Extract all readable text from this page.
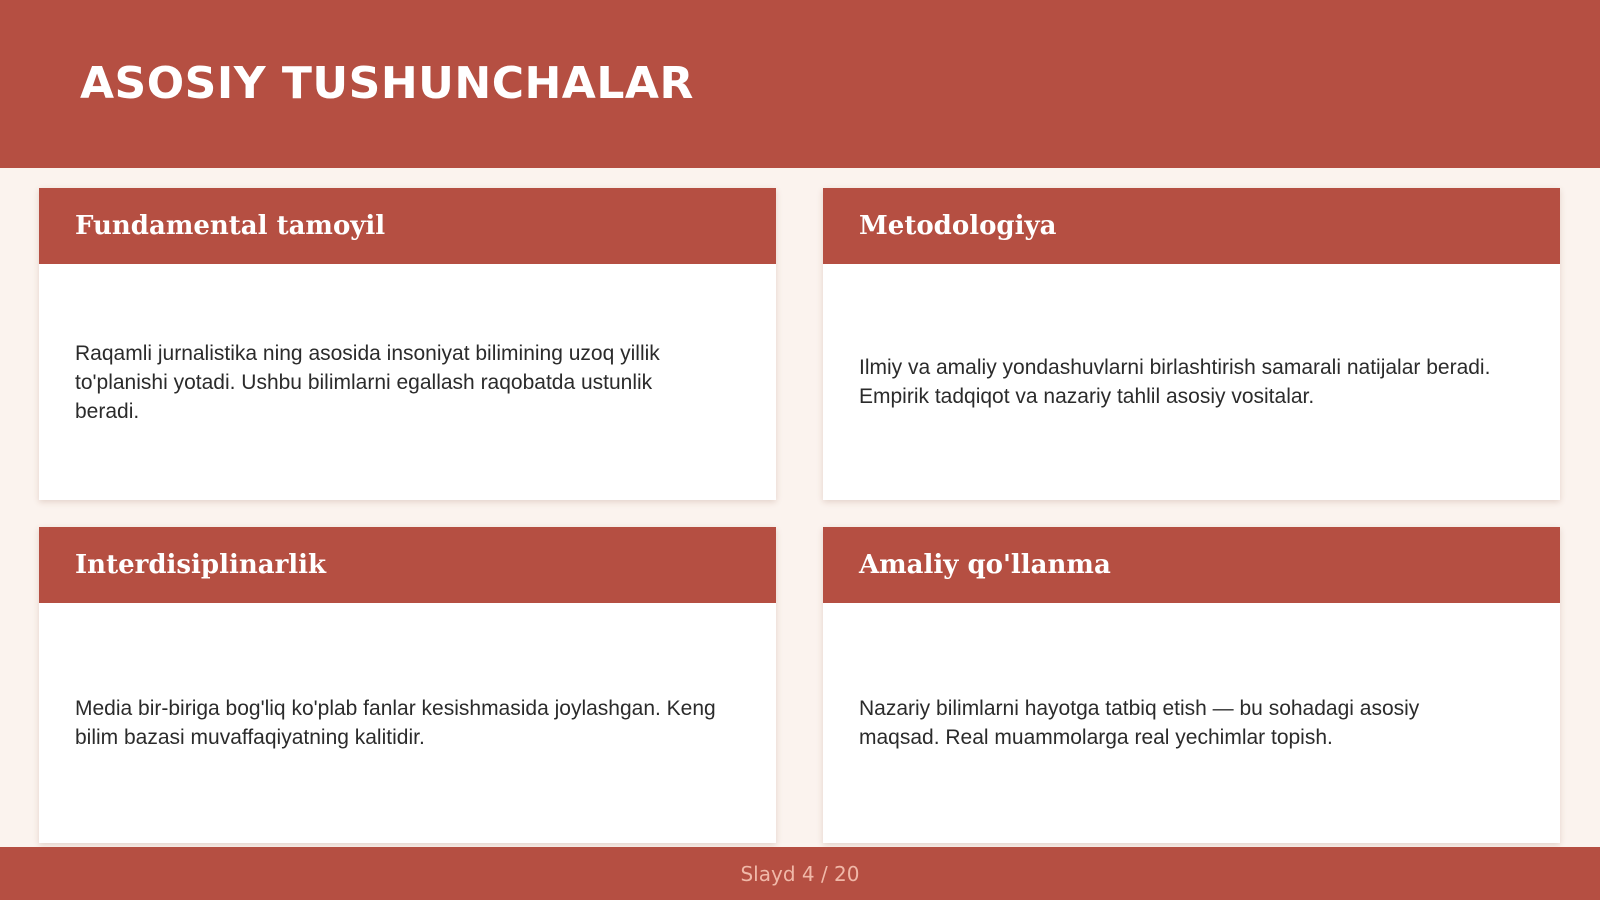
ASOSIY TUSHUNCHALAR
Fundamental tamoyil

Raqamli jurnalistika ning asosida insoniyat bilimining uzoq yillik to'planishi yotadi. Ushbu bilimlarni egallash raqobatda ustunlik beradi.

Metodologiya

Ilmiy va amaliy yondashuvlarni birlashtirish samarali natijalar beradi. Empirik tadqiqot va nazariy tahlil asosiy vositalar.

Interdisiplinarlik

Media bir-biriga bog'liq ko'plab fanlar kesishmasida joylashgan. Keng bilim bazasi muvaffaqiyatning kalitidir.

Amaliy qo'llanma

Nazariy bilimlarni hayotga tatbiq etish — bu sohadagi asosiy maqsad. Real muammolarga real yechimlar topish.

Slayd 4 / 20
